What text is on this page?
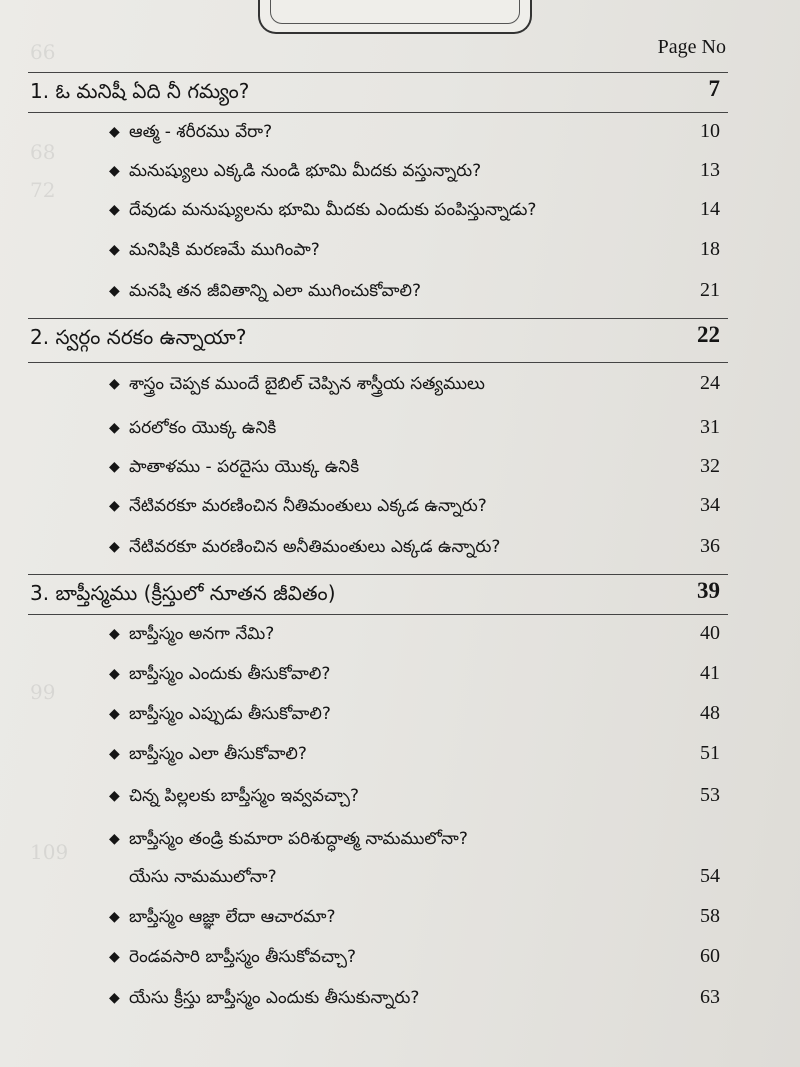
66
68
72
99
109
Page No
1. ఓ మనిషీ ఏది నీ గమ్యం?	7
◆ ఆత్మ - శరీరము వేరా?	10
◆ మనుష్యులు ఎక్కడి నుండి భూమి మీదకు వస్తున్నారు?	13
◆ దేవుడు మనుష్యులను భూమి మీదకు ఎందుకు పంపిస్తున్నాడు?	14
◆ మనిషికి మరణమే ముగింపా?	18
◆ మనషి తన జీవితాన్ని ఎలా ముగించుకోవాలి?	21
2. స్వర్గం నరకం ఉన్నాయా?	22
◆ శాస్త్రం చెప్పక ముందే బైబిల్ చెప్పిన శాస్త్రీయ సత్యములు	24
◆ పరలోకం యొక్క ఉనికి	31
◆ పాతాళము - పరదైసు యొక్క ఉనికి	32
◆ నేటివరకూ మరణించిన నీతిమంతులు ఎక్కడ ఉన్నారు?	34
◆ నేటివరకూ మరణించిన అనీతిమంతులు ఎక్కడ ఉన్నారు?	36
3. బాప్తీస్మము (క్రీస్తులో నూతన జీవితం)	39
◆ బాప్తీస్మం అనగా నేమి?	40
◆ బాప్తీస్మం ఎందుకు తీసుకోవాలి?	41
◆ బాప్తీస్మం ఎప్పుడు తీసుకోవాలి?	48
◆ బాప్తీస్మం ఎలా తీసుకోవాలి?	51
◆ చిన్న పిల్లలకు బాప్తీస్మం ఇవ్వవచ్చా?	53
◆ బాప్తీస్మం తండ్రి కుమారా పరిశుద్ధాత్మ నామములోనా?
యేసు నామములోనా?	54
◆ బాప్తీస్మం ఆజ్ఞా లేదా ఆచారమా?	58
◆ రెండవసారి బాప్తీస్మం తీసుకోవచ్చా?	60
◆ యేసు క్రీస్తు బాప్తీస్మం ఎందుకు తీసుకున్నారు?	63
